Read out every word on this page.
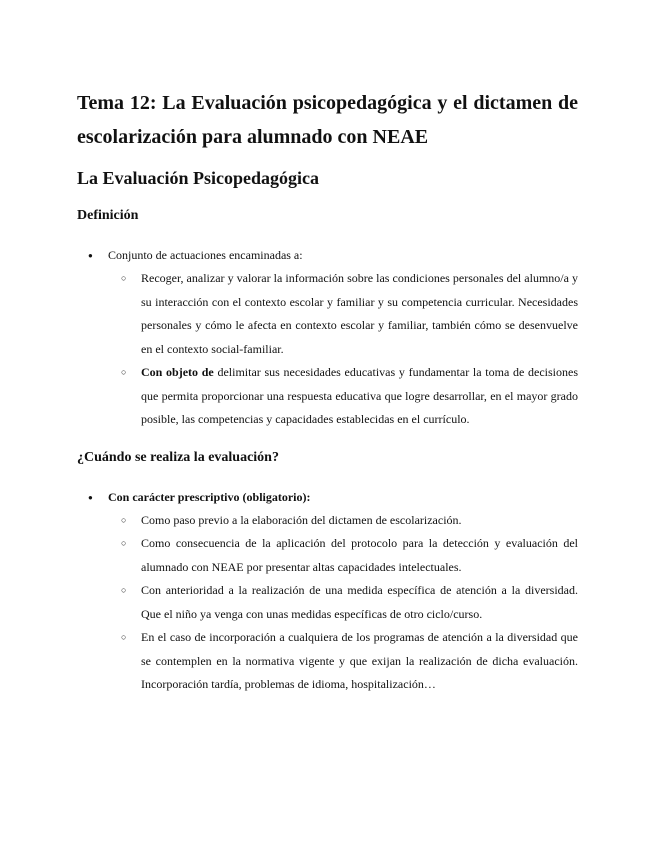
Tema 12: La Evaluación psicopedagógica y el dictamen de escolarización para alumnado con NEAE
La Evaluación Psicopedagógica
Definición
● Conjunto de actuaciones encaminadas a:
○ Recoger, analizar y valorar la información sobre las condiciones personales del alumno/a y su interacción con el contexto escolar y familiar y su competencia curricular. Necesidades personales y cómo le afecta en contexto escolar y familiar, también cómo se desenvuelve en el contexto social-familiar.
○ Con objeto de delimitar sus necesidades educativas y fundamentar la toma de decisiones que permita proporcionar una respuesta educativa que logre desarrollar, en el mayor grado posible, las competencias y capacidades establecidas en el currículo.
¿Cuándo se realiza la evaluación?
● Con carácter prescriptivo (obligatorio):
○ Como paso previo a la elaboración del dictamen de escolarización.
○ Como consecuencia de la aplicación del protocolo para la detección y evaluación del alumnado con NEAE por presentar altas capacidades intelectuales.
○ Con anterioridad a la realización de una medida específica de atención a la diversidad. Que el niño ya venga con unas medidas específicas de otro ciclo/curso.
○ En el caso de incorporación a cualquiera de los programas de atención a la diversidad que se contemplen en la normativa vigente y que exijan la realización de dicha evaluación. Incorporación tardía, problemas de idioma, hospitalización…
